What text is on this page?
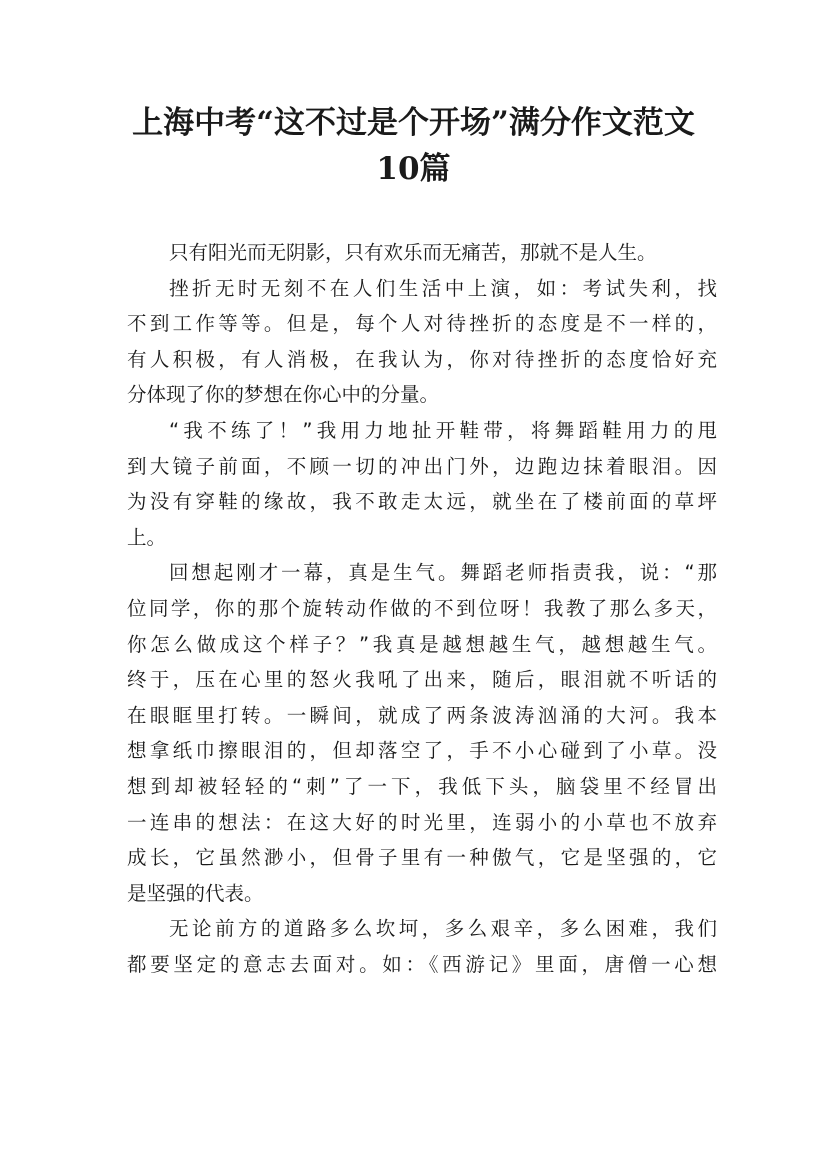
上海中考“这不过是个开场”满分作文范文
10篇
只有阳光而无阴影，只有欢乐而无痛苦，那就不是人生。
挫折无时无刻不在人们生活中上演，如：考试失利，找
不到工作等等。但是，每个人对待挫折的态度是不一样的，
有人积极，有人消极，在我认为，你对待挫折的态度恰好充
分体现了你的梦想在你心中的分量。
“我不练了！”我用力地扯开鞋带，将舞蹈鞋用力的甩
到大镜子前面，不顾一切的冲出门外，边跑边抹着眼泪。因
为没有穿鞋的缘故，我不敢走太远，就坐在了楼前面的草坪
上。
回想起刚才一幕，真是生气。舞蹈老师指责我，说：“那
位同学，你的那个旋转动作做的不到位呀！我教了那么多天，
你怎么做成这个样子？”我真是越想越生气，越想越生气。
终于，压在心里的怒火我吼了出来，随后，眼泪就不听话的
在眼眶里打转。一瞬间，就成了两条波涛汹涌的大河。我本
想拿纸巾擦眼泪的，但却落空了，手不小心碰到了小草。没
想到却被轻轻的“刺”了一下，我低下头，脑袋里不经冒出
一连串的想法：在这大好的时光里，连弱小的小草也不放弃
成长，它虽然渺小，但骨子里有一种傲气，它是坚强的，它
是坚强的代表。
无论前方的道路多么坎坷，多么艰辛，多么困难，我们
都要坚定的意志去面对。如：《西游记》里面，唐僧一心想
